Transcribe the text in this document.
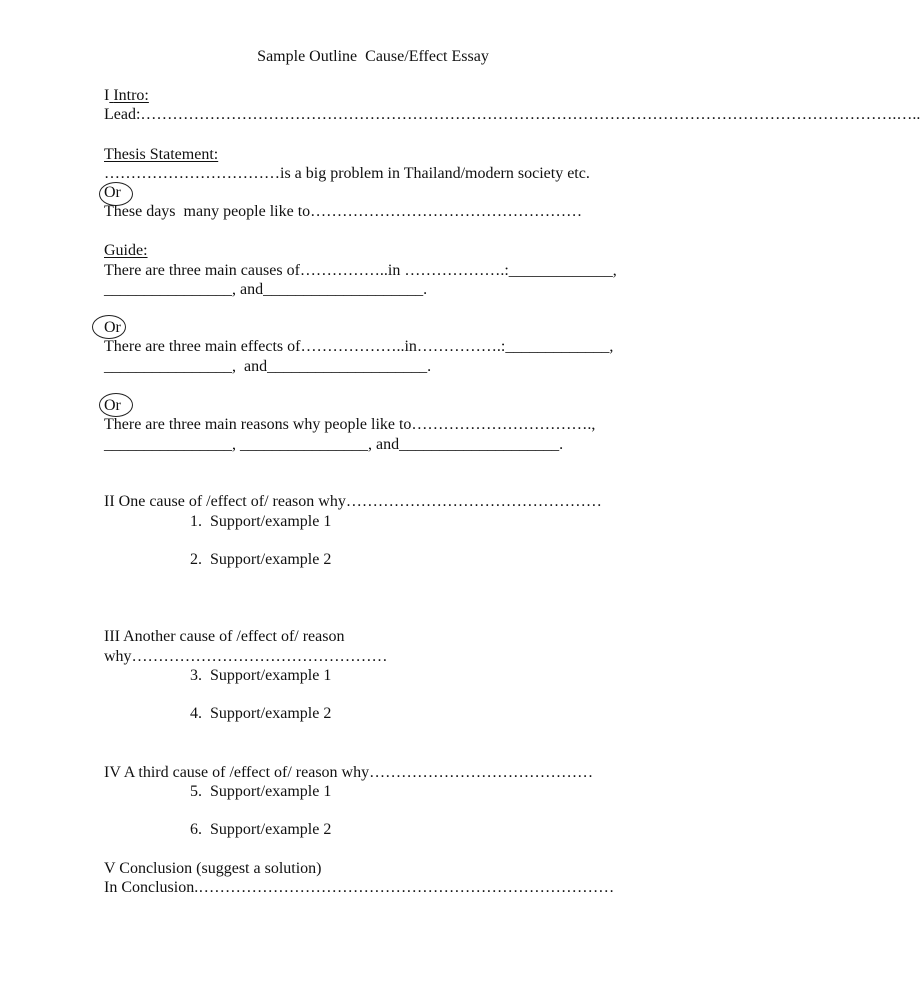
Sample Outline  Cause/Effect Essay
I Intro:
Lead:…………………………………………………………………………………………………………………………….…..
Thesis Statement:
……………………………is a big problem in Thailand/modern society etc.
Or
These days  many people like to……………………………………………
Guide:
There are three main causes of……………..in ……………….:_____________,
________________, and____________________.
Or
There are three main effects of………………..in…………….:_____________,
________________,  and____________________.
Or
There are three main reasons why people like to…………………………….,
________________, ________________, and____________________.
II One cause of /effect of/ reason why…………………………………………
1.  Support/example 1
2.  Support/example 2
III Another cause of /effect of/ reason
why…………………………………………
3.  Support/example 1
4.  Support/example 2
IV A third cause of /effect of/ reason why……………………………………
5.  Support/example 1
6.  Support/example 2
V Conclusion (suggest a solution)
In Conclusion.……………………………………………………………………
